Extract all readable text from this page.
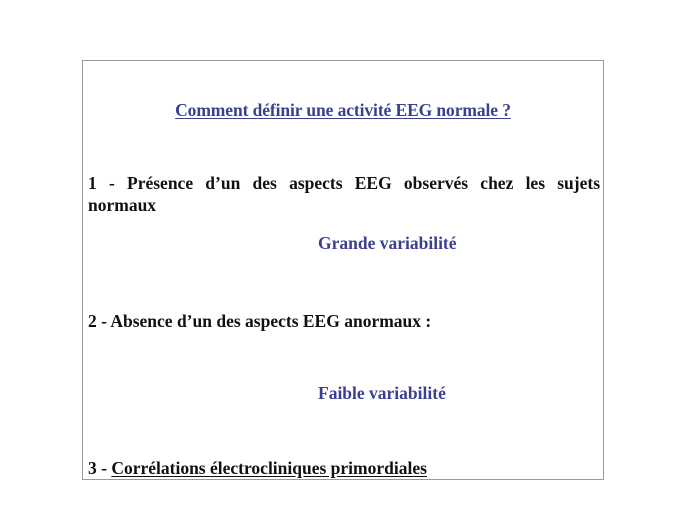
Comment définir une activité EEG normale ?
1 - Présence d’un des aspects EEG observés chez les sujets
normaux
Grande variabilité
2 - Absence d’un des aspects EEG anormaux :
Faible variabilité
3 - Corrélations électrocliniques primordiales
